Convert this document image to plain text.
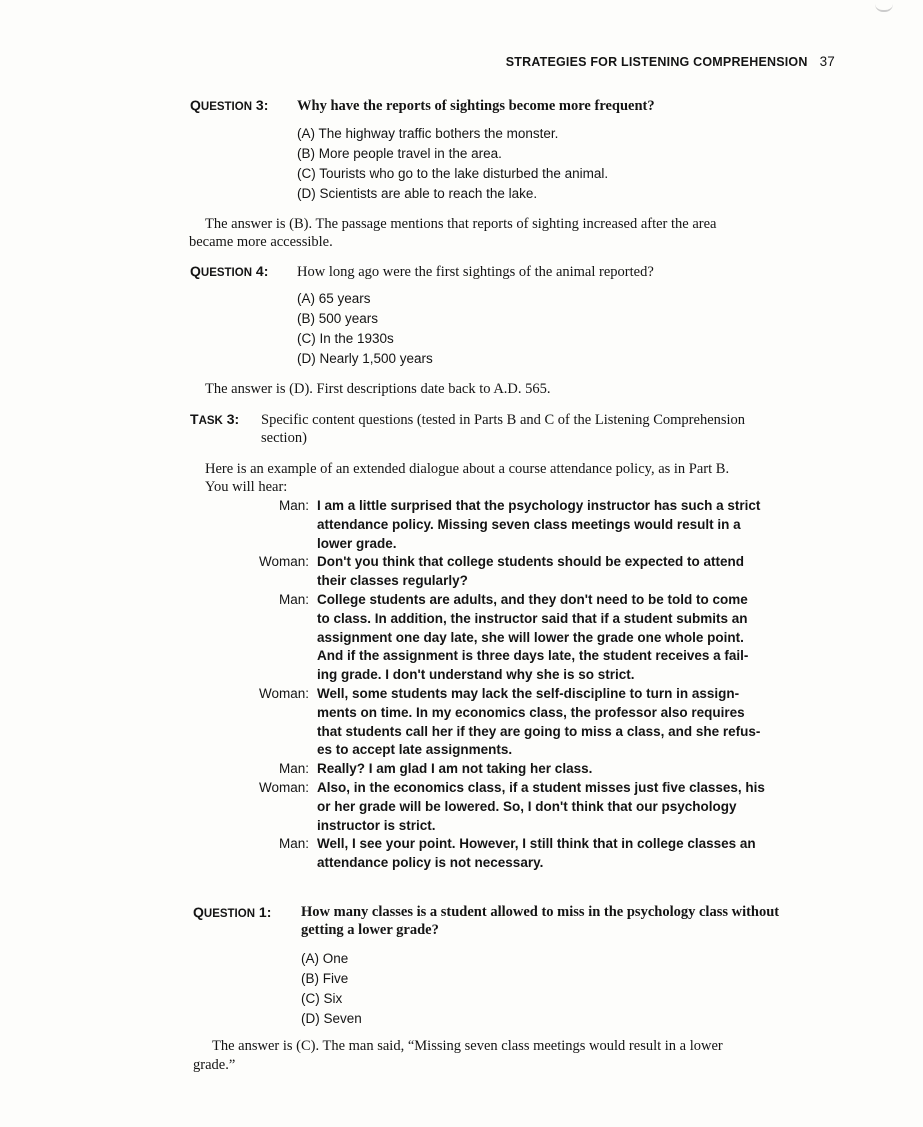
STRATEGIES FOR LISTENING COMPREHENSION 37
QUESTION 3: Why have the reports of sightings become more frequent?
(A) The highway traffic bothers the monster.
(B) More people travel in the area.
(C) Tourists who go to the lake disturbed the animal.
(D) Scientists are able to reach the lake.
The answer is (B). The passage mentions that reports of sighting increased after the area
became more accessible.
QUESTION 4: How long ago were the first sightings of the animal reported?
(A) 65 years
(B) 500 years
(C) In the 1930s
(D) Nearly 1,500 years
The answer is (D). First descriptions date back to A.D. 565.
TASK 3: Specific content questions (tested in Parts B and C of the Listening Comprehension
section)
Here is an example of an extended dialogue about a course attendance policy, as in Part B.
You will hear:
Man: I am a little surprised that the psychology instructor has such a strict
attendance policy. Missing seven class meetings would result in a
lower grade.
Woman: Don't you think that college students should be expected to attend
their classes regularly?
Man: College students are adults, and they don't need to be told to come
to class. In addition, the instructor said that if a student submits an
assignment one day late, she will lower the grade one whole point.
And if the assignment is three days late, the student receives a fail-
ing grade. I don't understand why she is so strict.
Woman: Well, some students may lack the self-discipline to turn in assign-
ments on time. In my economics class, the professor also requires
that students call her if they are going to miss a class, and she refus-
es to accept late assignments.
Man: Really? I am glad I am not taking her class.
Woman: Also, in the economics class, if a student misses just five classes, his
or her grade will be lowered. So, I don't think that our psychology
instructor is strict.
Man: Well, I see your point. However, I still think that in college classes an
attendance policy is not necessary.
QUESTION 1: How many classes is a student allowed to miss in the psychology class without
getting a lower grade?
(A) One
(B) Five
(C) Six
(D) Seven
The answer is (C). The man said, “Missing seven class meetings would result in a lower
grade.”
